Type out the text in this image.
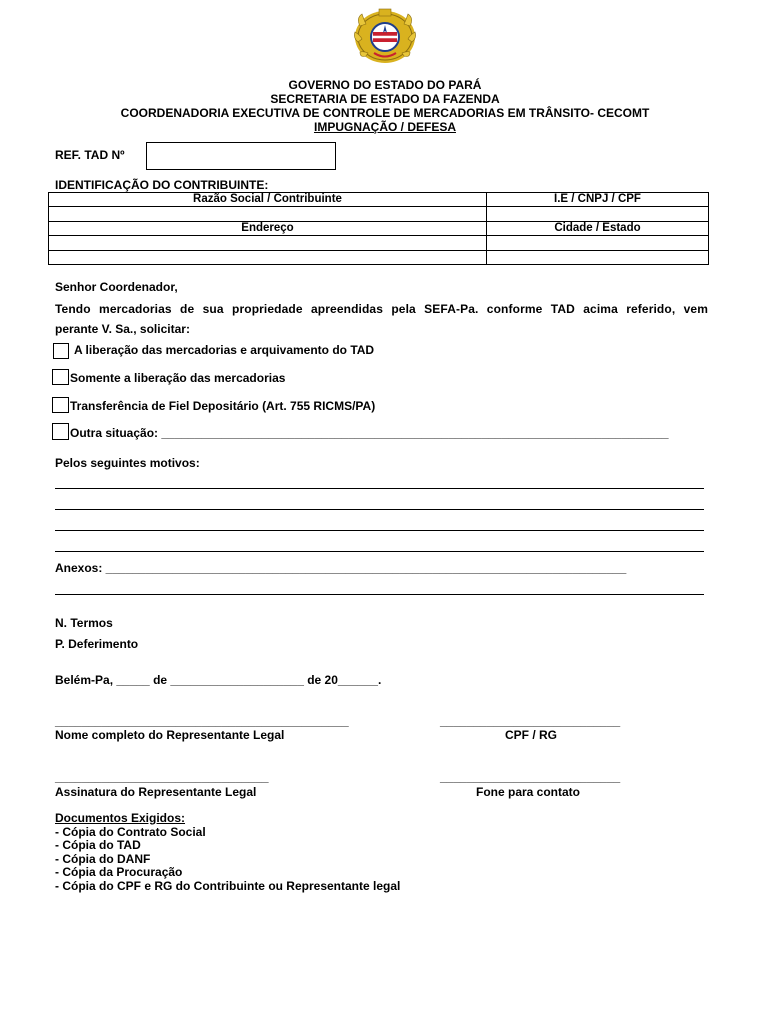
GOVERNO DO ESTADO DO PARÁ
SECRETARIA DE ESTADO DA FAZENDA
COORDENADORIA EXECUTIVA DE CONTROLE DE MERCADORIAS EM TRÂNSITO- CECOMT
IMPUGNAÇÃO / DEFESA
REF. TAD Nº
IDENTIFICAÇÃO DO CONTRIBUINTE:
Razão Social / Contribuinte	I.E / CNPJ / CPF

Endereço	Cidade / Estado

Senhor Coordenador,
Tendo mercadorias de sua propriedade apreendidas pela SEFA-Pa. conforme TAD acima referido, vem
perante V. Sa., solicitar:
A liberação das mercadorias e arquivamento do TAD
Somente a liberação das mercadorias
Transferência de Fiel Depositário (Art. 755 RICMS/PA)
Outra situação: ____________________________________________________________________________
Pelos seguintes motivos:
Anexos: ______________________________________________________________________________
N. Termos
P. Deferimento
Belém-Pa, _____ de ____________________ de 20______.
____________________________________________
Nome completo do Representante Legal
___________________________
CPF / RG
________________________________
Assinatura do Representante Legal
___________________________
Fone para contato
Documentos Exigidos:
- Cópia do Contrato Social
- Cópia do TAD
- Cópia do DANF
- Cópia da Procuração
- Cópia do CPF e RG do Contribuinte ou Representante legal
